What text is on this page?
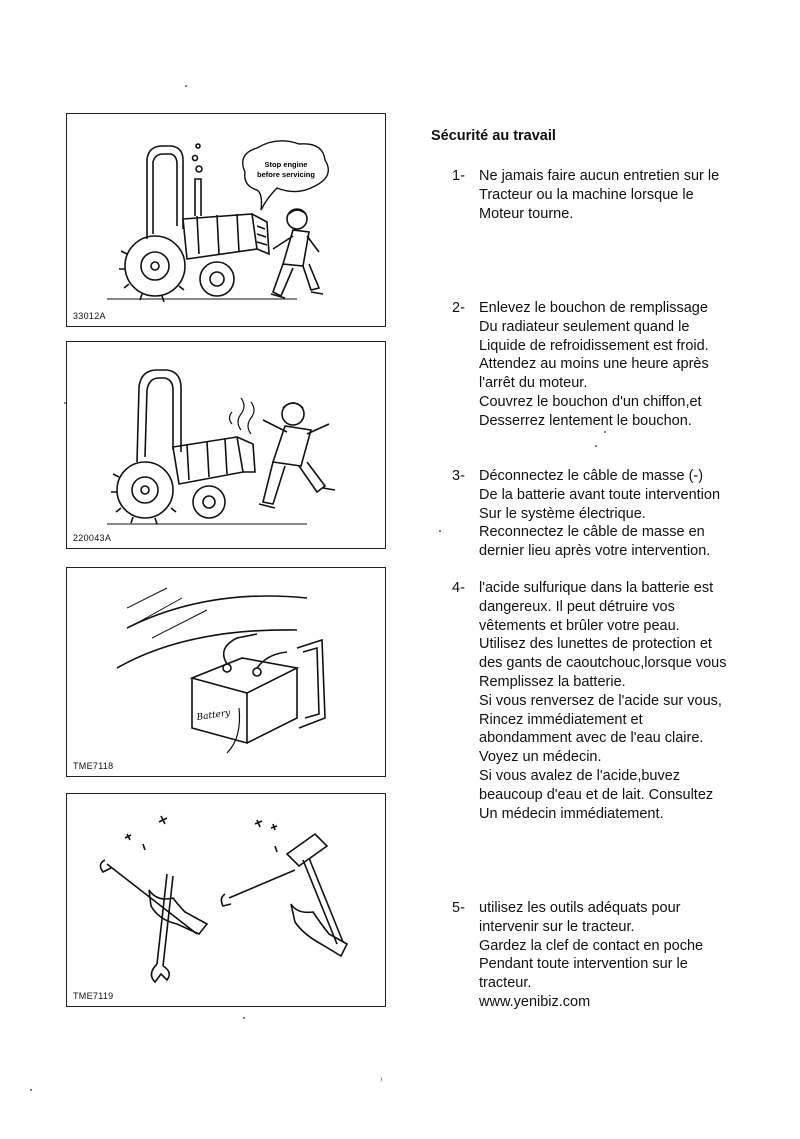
Stop engine
before servicing
33012A
220043A
Battery
TME7118
TME7119
Sécurité au travail
1- Ne jamais faire aucun entretien sur le
Tracteur ou la machine lorsque le
Moteur tourne.
2- Enlevez le bouchon de remplissage
Du radiateur seulement quand le
Liquide de refroidissement est froid.
Attendez au moins une heure après
l'arrêt du moteur.
Couvrez le bouchon d'un chiffon,et
Desserrez lentement le bouchon.
3- Déconnectez le câble de masse (-)
De la batterie avant toute intervention
Sur le système électrique.
Reconnectez le câble de masse en
dernier lieu après votre intervention.
4- l'acide sulfurique dans la batterie est
dangereux. Il peut détruire vos
vêtements et brûler votre peau.
Utilisez des lunettes de protection et
des gants de caoutchouc,lorsque vous
Remplissez la batterie.
Si vous renversez de l'acide sur vous,
Rincez immédiatement et
abondamment avec de l'eau claire.
Voyez un médecin.
Si vous avalez de l'acide,buvez
beaucoup d'eau et de lait. Consultez
Un médecin immédiatement.
5- utilisez les outils adéquats pour
intervenir sur le tracteur.
Gardez la clef de contact en poche
Pendant toute intervention sur le
tracteur.
www.yenibiz.com
⁾
